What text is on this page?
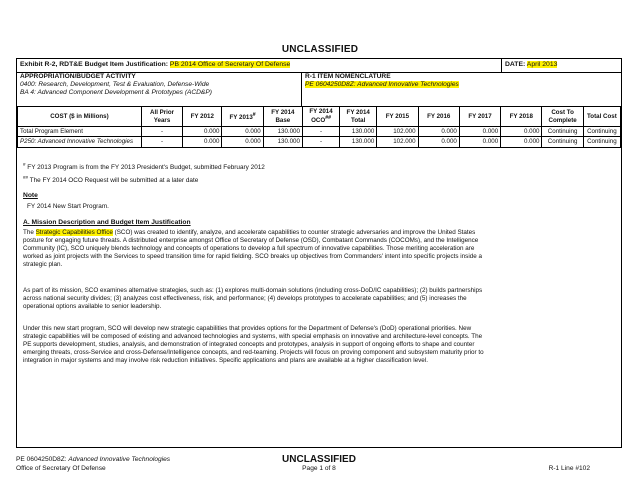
UNCLASSIFIED
Exhibit R-2, RDT&E Budget Item Justification: PB 2014 Office of Secretary Of Defense	DATE: April 2013
APPROPRIATION/BUDGET ACTIVITY
0400: Research, Development, Test & Evaluation, Defense-Wide
BA 4: Advanced Component Development & Prototypes (ACD&P)
R-1 ITEM NOMENCLATURE
PE 0604250D8Z: Advanced Innovative Technologies
COST ($ in Millions)	All Prior Years	FY 2012	FY 2013#	FY 2014 Base	FY 2014 OCO##	FY 2014 Total	FY 2015	FY 2016	FY 2017	FY 2018	Cost To Complete	Total Cost
Total Program Element	-	0.000	0.000	130.000	-	130.000	102.000	0.000	0.000	0.000	Continuing	Continuing
P250: Advanced Innovative Technologies	-	0.000	0.000	130.000	-	130.000	102.000	0.000	0.000	0.000	Continuing	Continuing
# FY 2013 Program is from the FY 2013 President's Budget, submitted February 2012
## The FY 2014 OCO Request will be submitted at a later date
Note
FY 2014 New Start Program.
A. Mission Description and Budget Item Justification
The Strategic Capabilities Office (SCO) was created to identify, analyze, and accelerate capabilities to counter strategic adversaries and improve the United States
posture for engaging future threats. A distributed enterprise amongst Office of Secretary of Defense (OSD), Combatant Commands (COCOMs), and the Intelligence
Community (IC), SCO uniquely blends technology and concepts of operations to develop a full spectrum of innovative capabilities. Those meriting acceleration are
worked as joint projects with the Services to speed transition time for rapid fielding. SCO breaks up objectives from Commanders' intent into specific projects inside a
strategic plan.
As part of its mission, SCO examines alternative strategies, such as: (1) explores multi-domain solutions (including cross-DoD/IC capabilities); (2) builds partnerships
across national security divides; (3) analyzes cost effectiveness, risk, and performance; (4) develops prototypes to accelerate capabilities; and (5) increases the
operational options available to senior leadership.
Under this new start program, SCO will develop new strategic capabilities that provides options for the Department of Defense's (DoD) operational priorities. New
strategic capabilities will be composed of existing and advanced technologies and systems, with special emphasis on innovative and architecture-level concepts. The
PE supports development, studies, analysis, and demonstration of integrated concepts and prototypes, analysis in support of ongoing efforts to shape and counter
emerging threats, cross-Service and cross-Defense/Intelligence concepts, and red-teaming. Projects will focus on proving component and subsystem maturity prior to
integration in major systems and may involve risk reduction initiatives. Specific applications and plans are available at a higher classification level.
PE 0604250D8Z: Advanced Innovative Technologies
Office of Secretary Of Defense
UNCLASSIFIED
Page 1 of 8	R-1 Line #102
